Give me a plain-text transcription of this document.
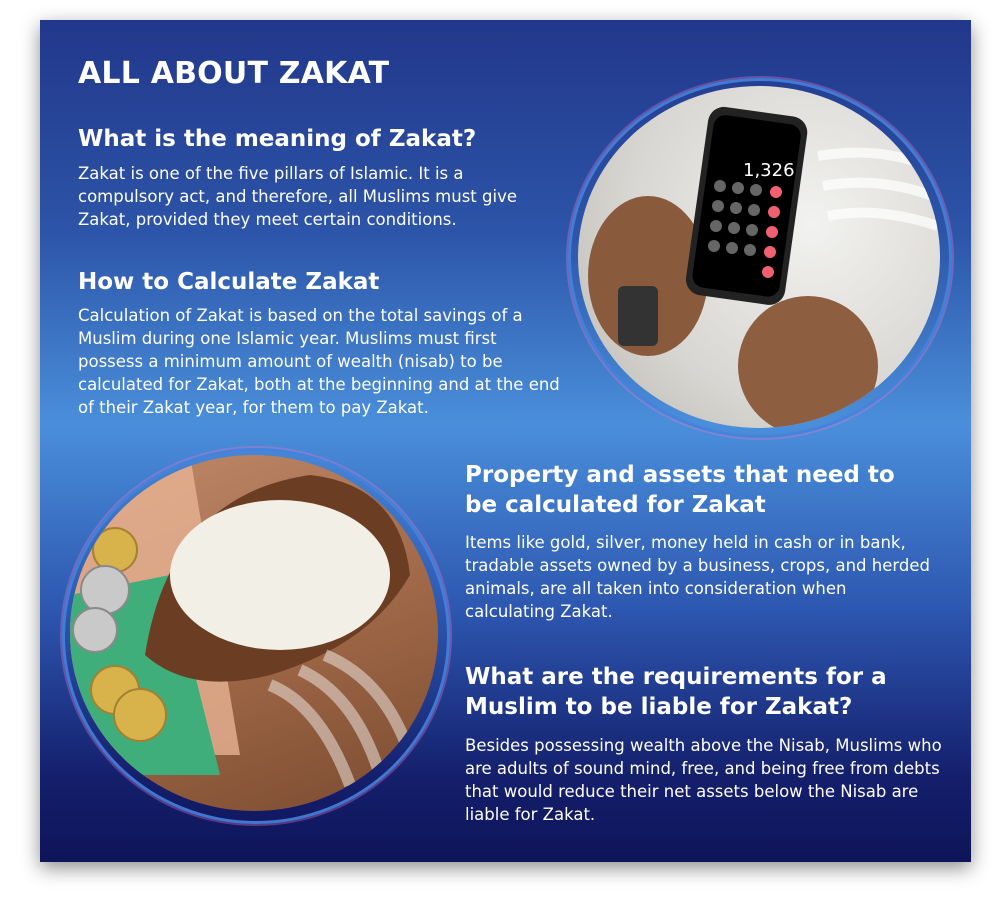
ALL ABOUT ZAKAT
What is the meaning of Zakat?
Zakat is one of the five pillars of Islamic. It is a compulsory act, and therefore, all Muslims must give Zakat, provided they meet certain conditions.
How to Calculate Zakat
Calculation of Zakat is based on the total savings of a Muslim during one Islamic year. Muslims must first possess a minimum amount of wealth (nisab) to be calculated for Zakat, both at the beginning and at the end of their Zakat year, for them to pay Zakat.
Property and assets that need to be calculated for Zakat
Items like gold, silver, money held in cash or in bank, tradable assets owned by a business, crops, and herded animals, are all taken into consideration when calculating Zakat.
What are the requirements for a Muslim to be liable for Zakat?
Besides possessing wealth above the Nisab, Muslims who are adults of sound mind, free, and being free from debts that would reduce their net assets below the Nisab are liable for Zakat.
1,326
